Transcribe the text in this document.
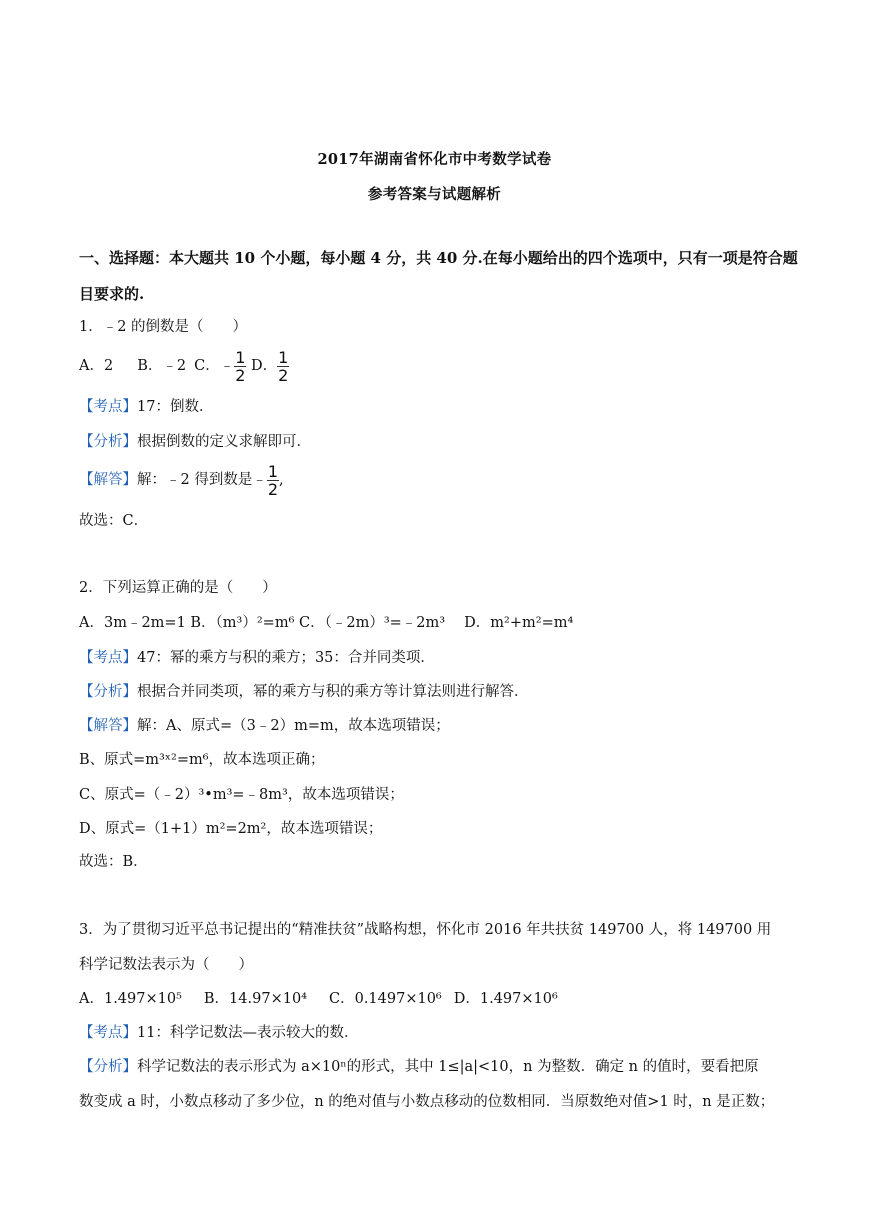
2017年湖南省怀化市中考数学试卷
参考答案与试题解析
一、选择题：本大题共 10 个小题，每小题 4 分，共 40 分.在每小题给出的四个选项中，只有一项是符合题
目要求的.
1．﹣2 的倒数是（　　）
A．2 B．﹣2 C．﹣ $\frac{1}{2}$ D． $\frac{1}{2}$
【考点】17：倒数．
【分析】根据倒数的定义求解即可．
【解答】解：﹣2 得到数是﹣ $\frac{1}{2}$ ,
故选：C．
2．下列运算正确的是（　　）
A．3m﹣2m=1 B．（m³）²=m⁶ C．（﹣2m）³=﹣2m³　 D．m²+m²=m⁴
【考点】47：幂的乘方与积的乘方；35：合并同类项．
【分析】根据合并同类项，幂的乘方与积的乘方等计算法则进行解答．
【解答】解：A、原式=（3﹣2）m=m，故本选项错误；
B、原式=m³ˣ²=m⁶，故本选项正确；
C、原式=（﹣2）³•m³=﹣8m³，故本选项错误；
D、原式=（1+1）m²=2m²，故本选项错误；
故选：B．
3．为了贯彻习近平总书记提出的“精准扶贫”战略构想，怀化市 2016 年共扶贫 149700 人，将 149700 用
科学记数法表示为（　　）
A．1.497×10⁵ B．14.97×10⁴ C．0.1497×10⁶ D．1.497×10⁶
【考点】11：科学记数法—表示较大的数．
【分析】科学记数法的表示形式为 a×10ⁿ的形式，其中 1≤|a|<10，n 为整数．确定 n 的值时，要看把原
数变成 a 时，小数点移动了多少位，n 的绝对值与小数点移动的位数相同．当原数绝对值>1 时，n 是正数；
